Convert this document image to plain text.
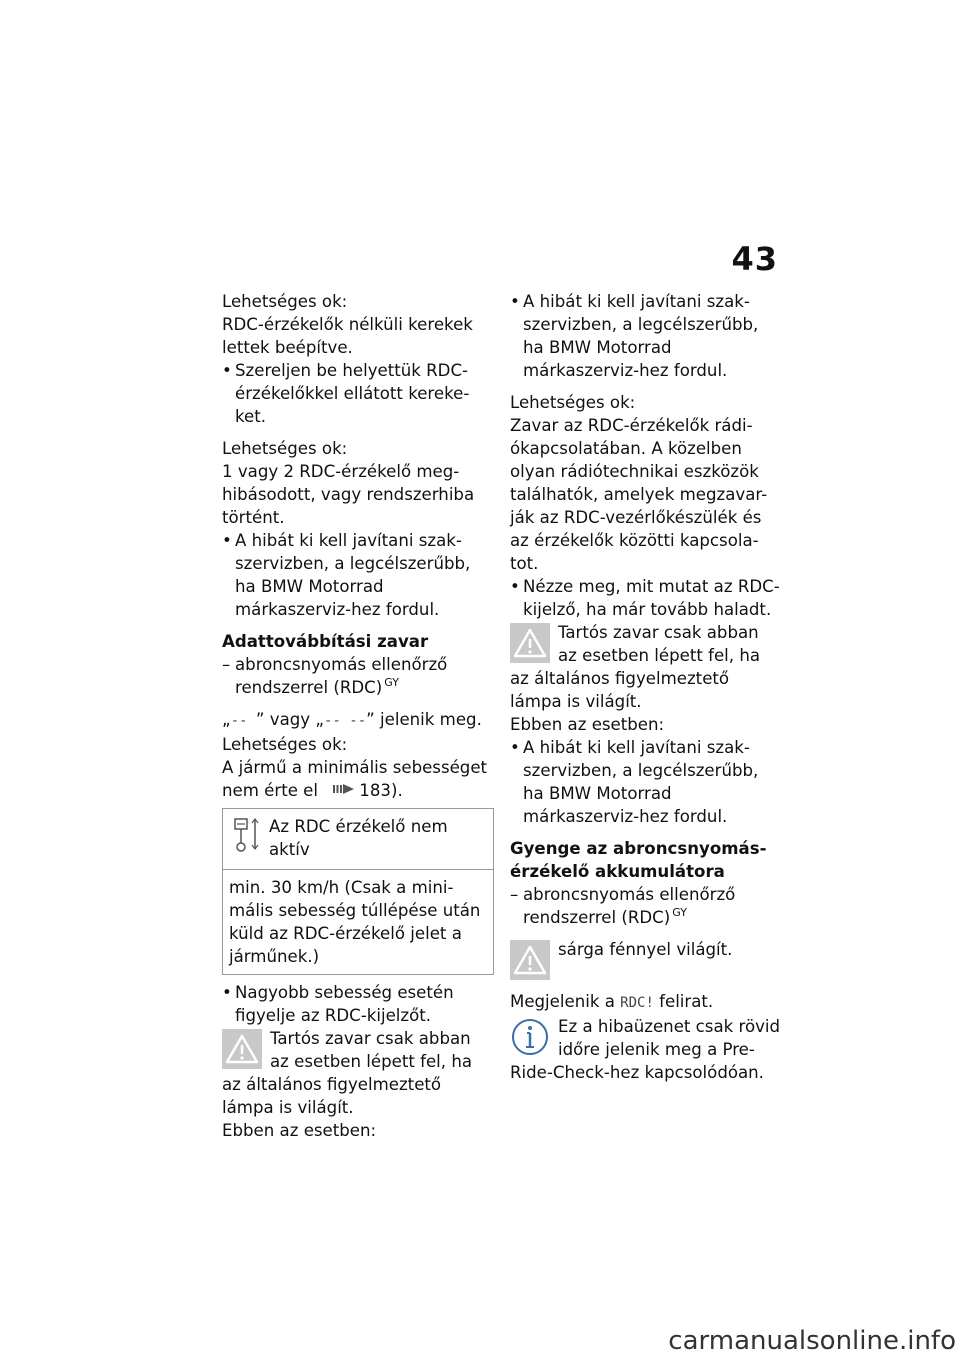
43
Lehetséges ok:
RDC-érzékelők nélküli kerekek lettek beépítve.
• Szereljen be helyettük RDC-érzékelőkkel ellátott kereke-ket.
Lehetséges ok:
1 vagy 2 RDC-érzékelő meg-hibásodott, vagy rendszerhiba történt.
• A hibát ki kell javítani szak-szervizben, a legcélszerűbb, ha BMW Motorrad márkaszerviz-hez fordul.
Adattovábbítási zavar
– abroncsnyomás ellenőrző rendszerrel (RDC) $^{GY}$
„-- ” vagy „-- --” jelenik meg.
Lehetséges ok:
A jármű a minimális sebességet nem érte el 183).
Az RDC érzékelő nem aktív
min. 30 km/h (Csak a mini-mális sebesség túllépése után küld az RDC-érzékelő jelet a járműnek.)
• Nagyobb sebesség esetén figyelje az RDC-kijelzőt.
Tartós zavar csak abban az esetben lépett fel, ha az általános figyelmeztető lámpa is világít.
Ebben az esetben:
• A hibát ki kell javítani szak-szervizben, a legcélszerűbb, ha BMW Motorrad márkaszerviz-hez fordul.
Lehetséges ok:
Zavar az RDC-érzékelők rádi-ókapcsolatában. A közelben olyan rádiótechnikai eszközök találhatók, amelyek megzavar-ják az RDC-vezérlőkészülék és az érzékelők közötti kapcsola-tot.
• Nézze meg, mit mutat az RDC-kijelző, ha már tovább haladt.
Tartós zavar csak abban az esetben lépett fel, ha az általános figyelmeztető lámpa is világít.
Ebben az esetben:
• A hibát ki kell javítani szak-szervizben, a legcélszerűbb, ha BMW Motorrad márkaszerviz-hez fordul.
Gyenge az abroncsnyomás-érzékelő akkumulátora
– abroncsnyomás ellenőrző rendszerrel (RDC) $^{GY}$
sárga fénnyel világít.
Megjelenik a RDC! felirat.
Ez a hibaüzenet csak rövid időre jelenik meg a Pre-Ride-Check-hez kapcsolódóan.
carmanualsonline.info
